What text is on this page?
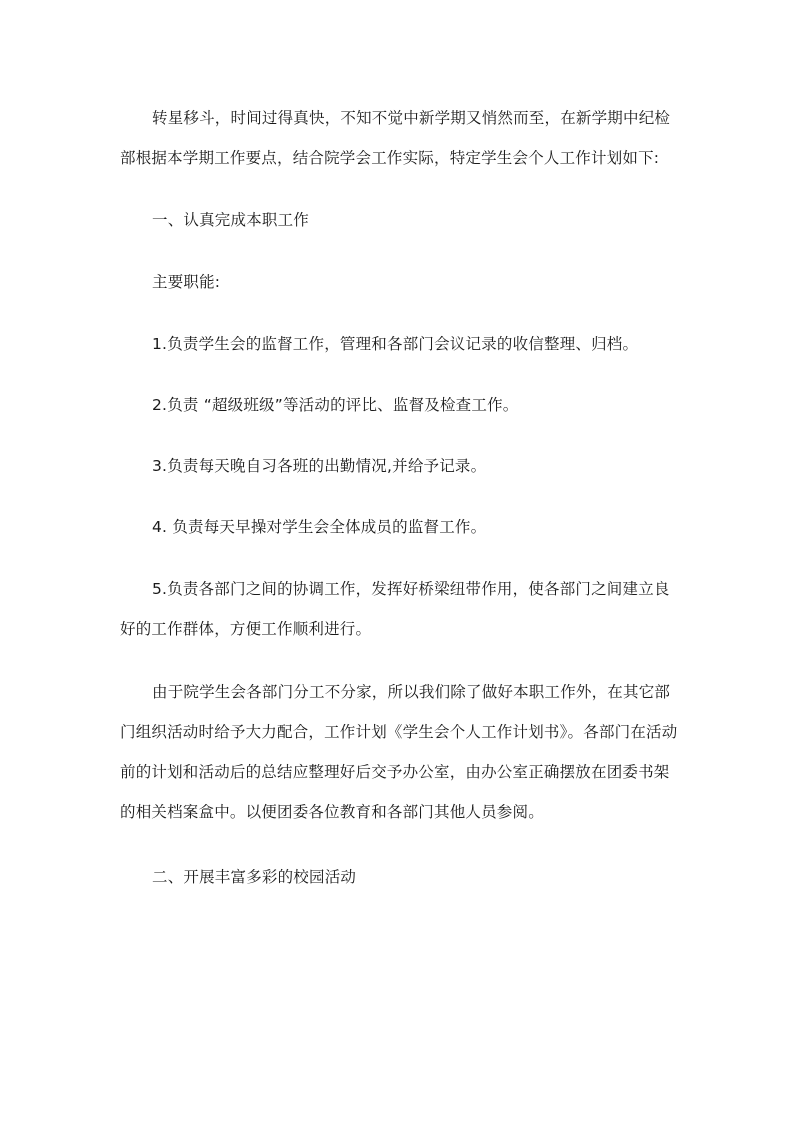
转星移斗，时间过得真快，不知不觉中新学期又悄然而至，在新学期中纪检部根据本学期工作要点，结合院学会工作实际，特定学生会个人工作计划如下:

一、认真完成本职工作

主要职能:

1.负责学生会的监督工作，管理和各部门会议记录的收信整理、归档。

2.负责 “超级班级”等活动的评比、监督及检查工作。

3.负责每天晚自习各班的出勤情况,并给予记录。

4. 负责每天早操对学生会全体成员的监督工作。

5.负责各部门之间的协调工作，发挥好桥梁纽带作用，使各部门之间建立良好的工作群体，方便工作顺利进行。

由于院学生会各部门分工不分家，所以我们除了做好本职工作外，在其它部门组织活动时给予大力配合，工作计划《学生会个人工作计划书》。各部门在活动前的计划和活动后的总结应整理好后交予办公室，由办公室正确摆放在团委书架的相关档案盒中。以便团委各位教育和各部门其他人员参阅。

二、开展丰富多彩的校园活动
